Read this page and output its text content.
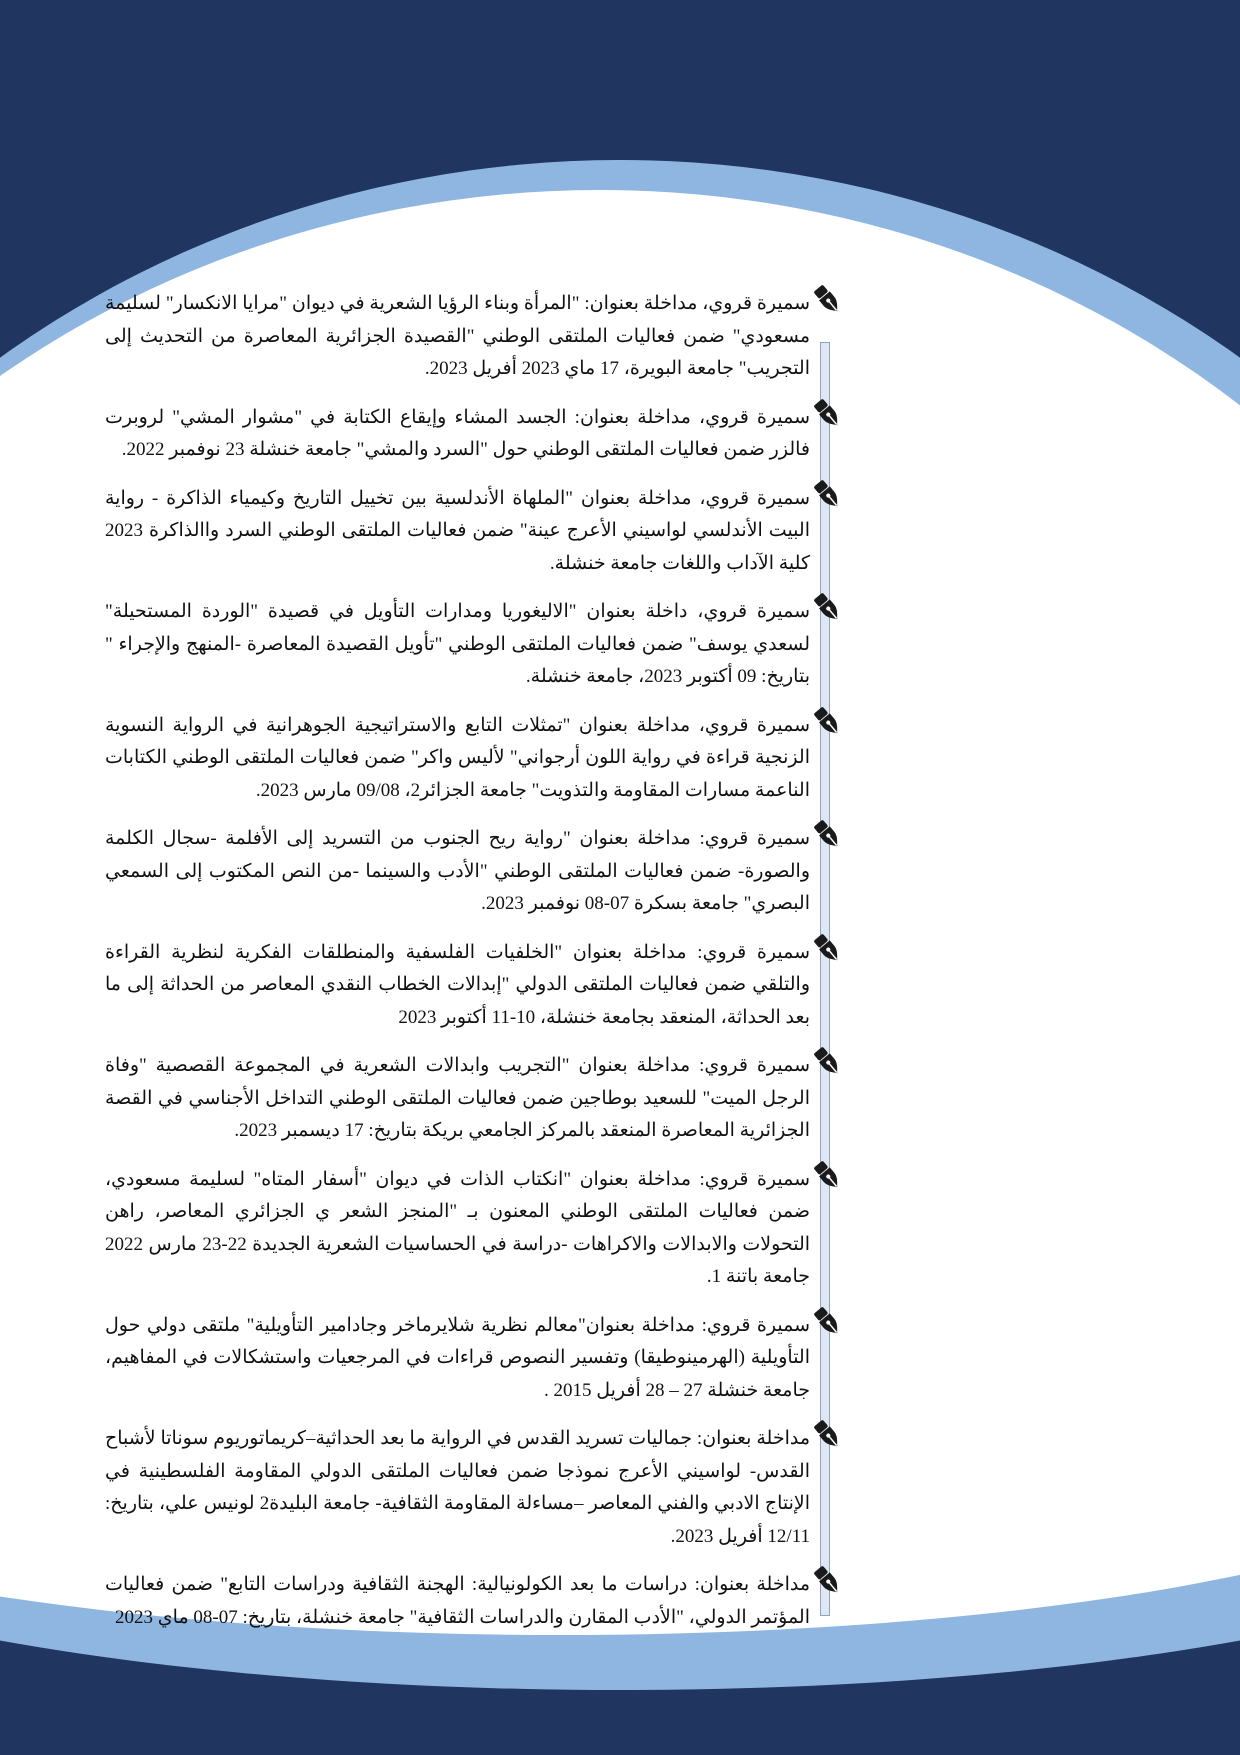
سميرة قروي، مداخلة بعنوان: "المرأة وبناء الرؤيا الشعرية في ديوان "مرايا الانكسار" لسليمة مسعودي" ضمن فعاليات الملتقى الوطني "القصيدة الجزائرية المعاصرة من التحديث إلى التجريب" جامعة البويرة، 17 ماي 2023 أفريل 2023.

سميرة قروي، مداخلة بعنوان: الجسد المشاء وإيقاع الكتابة في "مشوار المشي" لروبرت فالزر ضمن فعاليات الملتقى الوطني حول "السرد والمشي" جامعة خنشلة 23 نوفمبر 2022.

سميرة قروي، مداخلة بعنوان "الملهاة الأندلسية بين تخييل التاريخ وكيمياء الذاكرة - رواية البيت الأندلسي لواسيني الأعرج عينة" ضمن فعاليات الملتقى الوطني السرد واالذاكرة 2023 كلية الآداب واللغات جامعة خنشلة.

سميرة قروي، داخلة بعنوان "الاليغوريا ومدارات التأويل في قصيدة "الوردة المستحيلة" لسعدي يوسف" ضمن فعاليات الملتقى الوطني "تأويل القصيدة المعاصرة -المنهج والإجراء " بتاريخ: 09 أكتوبر 2023، جامعة خنشلة.

سميرة قروي، مداخلة بعنوان "تمثلات التابع والاستراتيجية الجوهرانية في الرواية النسوية الزنجية قراءة في رواية اللون أرجواني" لأليس واكر" ضمن فعاليات الملتقى الوطني الكتابات الناعمة مسارات المقاومة والتذويت" جامعة الجزائر2، 09/08 مارس 2023.

سميرة قروي: مداخلة بعنوان "رواية ريح الجنوب من التسريد إلى الأفلمة -سجال الكلمة والصورة- ضمن فعاليات الملتقى الوطني "الأدب والسينما -من النص المكتوب إلى السمعي البصري" جامعة بسكرة 07-08 نوفمبر 2023.

سميرة قروي: مداخلة بعنوان "الخلفيات الفلسفية والمنطلقات الفكرية لنظرية القراءة والتلقي ضمن فعاليات الملتقى الدولي "إبدالات الخطاب النقدي المعاصر من الحداثة إلى ما بعد الحداثة، المنعقد بجامعة خنشلة، 10-11 أكتوبر 2023

سميرة قروي: مداخلة بعنوان "التجريب وابدالات الشعرية في المجموعة القصصية "وفاة الرجل الميت" للسعيد بوطاجين ضمن فعاليات الملتقى الوطني التداخل الأجناسي في القصة الجزائرية المعاصرة المنعقد بالمركز الجامعي بريكة بتاريخ: 17 ديسمبر 2023.

سميرة قروي: مداخلة بعنوان "انكتاب الذات في ديوان "أسفار المتاه" لسليمة مسعودي، ضمن فعاليات الملتقى الوطني المعنون بـ "المنجز الشعر ي الجزائري المعاصر، راهن التحولات والابدالات والاكراهات -دراسة في الحساسيات الشعرية الجديدة 22-23 مارس 2022 جامعة باتنة 1.

سميرة قروي: مداخلة بعنوان"معالم نظرية شلايرماخر وجادامير التأويلية" ملتقى دولي حول التأويلية (الهرمينوطيقا) وتفسير النصوص قراءات في المرجعيات واستشكالات في المفاهيم، جامعة خنشلة 27 – 28 أفريل 2015 .

مداخلة بعنوان: جماليات تسريد القدس في الرواية ما بعد الحداثية–كريماتوريوم سوناتا لأشباح القدس- لواسيني الأعرج نموذجا ضمن فعاليات الملتقى الدولي المقاومة الفلسطينية في الإنتاج الادبي والفني المعاصر –مساءلة المقاومة الثقافية- جامعة البليدة2 لونيس علي، بتاريخ: 12/11 أفريل 2023.

مداخلة بعنوان: دراسات ما بعد الكولونيالية: الهجنة الثقافية ودراسات التابع" ضمن فعاليات المؤتمر الدولي، "الأدب المقارن والدراسات الثقافية" جامعة خنشلة، بتاريخ: 07-08 ماي 2023
